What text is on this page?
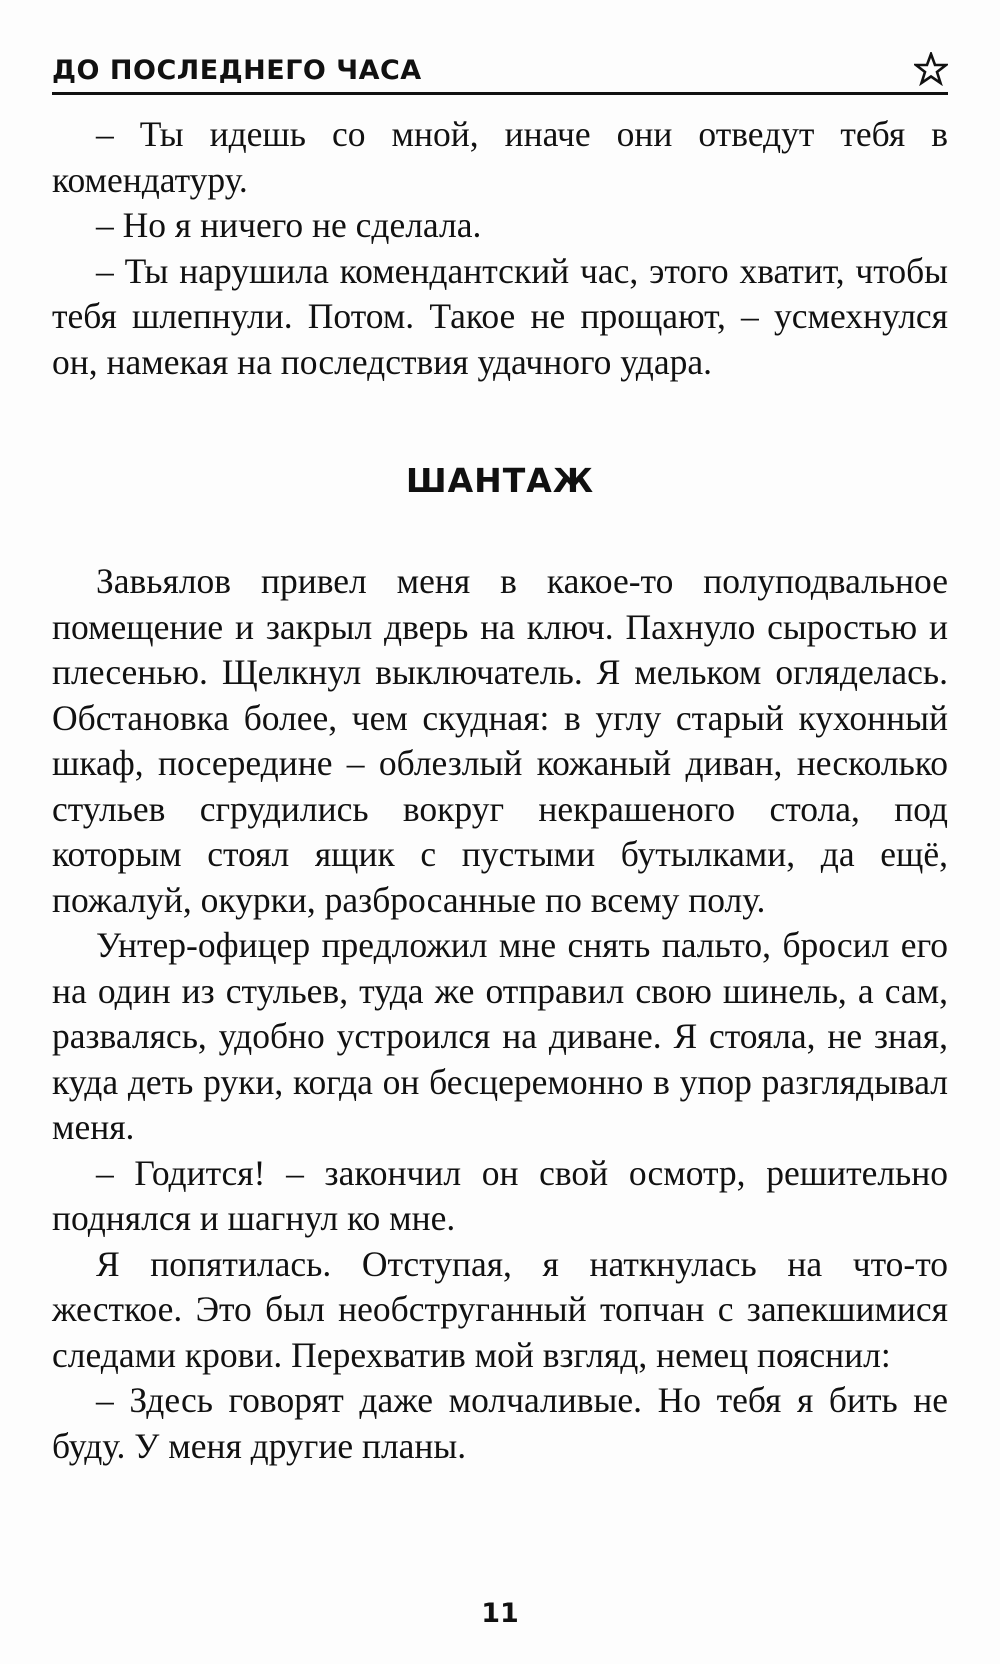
ДО ПОСЛЕДНЕГО ЧАСА

– Ты идешь со мной, иначе они отведут тебя в комендатуру.

– Но я ничего не сделала.

– Ты нарушила комендантский час, этого хватит, чтобы тебя шлепнули. Потом. Такое не прощают, – усмехнулся он, намекая на последствия удачного удара.

ШАНТАЖ

Завьялов привел меня в какое-то полуподвальное помещение и закрыл дверь на ключ. Пахнуло сыростью и плесенью. Щелкнул выключатель. Я мельком огляделась. Обстановка более, чем скудная: в углу старый кухонный шкаф, посередине – облезлый кожаный диван, несколько стульев сгрудились вокруг некрашеного стола, под которым стоял ящик с пустыми бутылками, да ещё, пожалуй, окурки, разбросанные по всему полу.

Унтер-офицер предложил мне снять пальто, бросил его на один из стульев, туда же отправил свою шинель, а сам, развалясь, удобно устроился на диване. Я стояла, не зная, куда деть руки, когда он бесцеремонно в упор разглядывал меня.

– Годится! – закончил он свой осмотр, решительно поднялся и шагнул ко мне.

Я попятилась. Отступая, я наткнулась на что-то жесткое. Это был необструганный топчан с запекшимися следами крови. Перехватив мой взгляд, немец пояснил:

– Здесь говорят даже молчаливые. Но тебя я бить не буду. У меня другие планы.

11
